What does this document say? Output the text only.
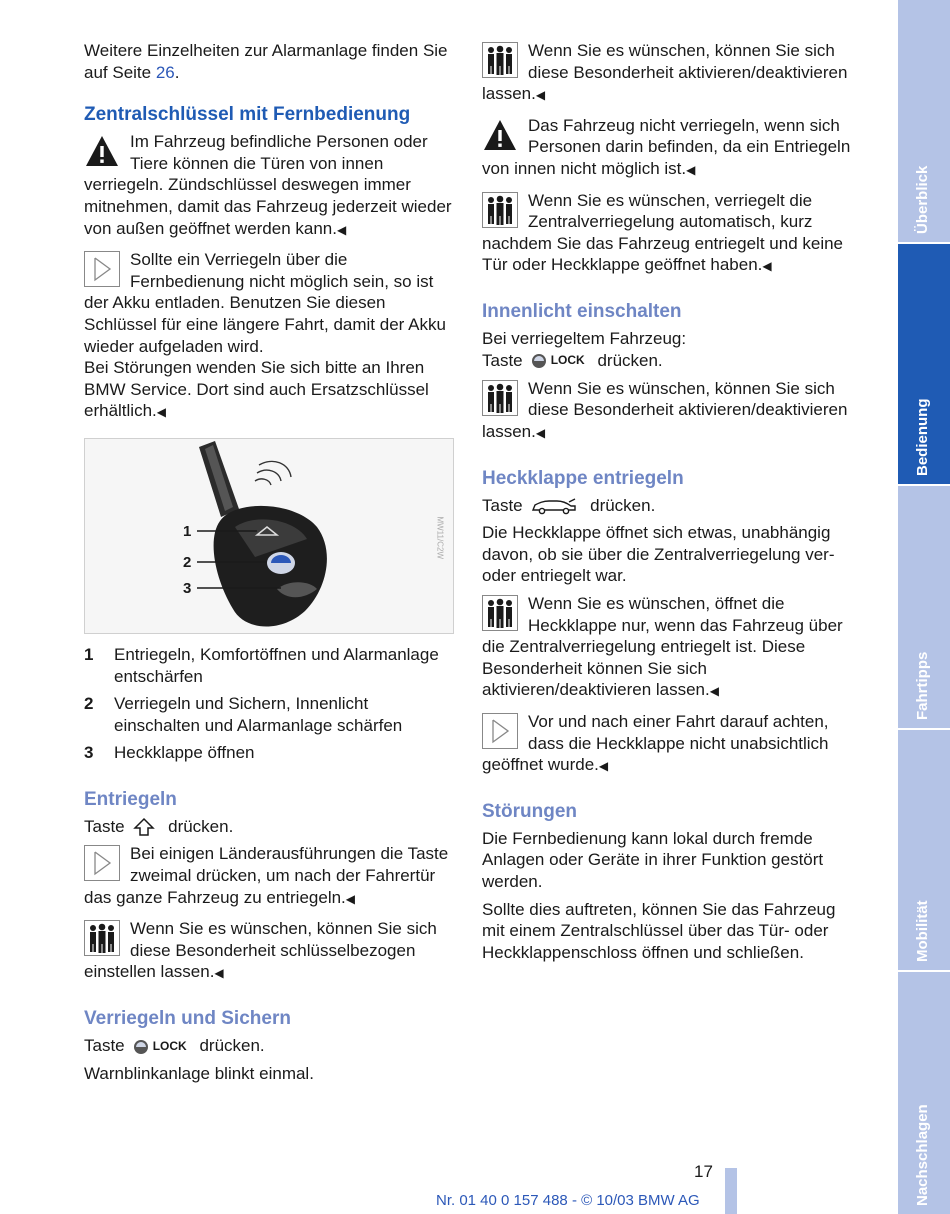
Weitere Einzelheiten zur Alarmanlage finden Sie auf Seite 26.

Zentralschlüssel mit Fernbedienung
Im Fahrzeug befindliche Personen oder Tiere können die Türen von innen verriegeln. Zündschlüssel deswegen immer mitnehmen, damit das Fahrzeug jederzeit wieder von außen geöffnet werden kann.◀
Sollte ein Verriegeln über die Fernbedienung nicht möglich sein, so ist der Akku entladen. Benutzen Sie diesen Schlüssel für eine längere Fahrt, damit der Akku wieder aufgeladen wird.
Bei Störungen wenden Sie sich bitte an Ihren BMW Service. Dort sind auch Ersatzschlüssel erhältlich.◀
1
2
3
MW11/C2W
1	Entriegeln, Komfortöffnen und Alarmanlage entschärfen
2	Verriegeln und Sichern, Innenlicht einschalten und Alarmanlage schärfen
3	Heckklappe öffnen
Entriegeln

Taste	drücken.

Bei einigen Länderausführungen die Taste zweimal drücken, um nach der Fahrertür das ganze Fahrzeug zu entriegeln.◀
Wenn Sie es wünschen, können Sie sich diese Besonderheit schlüsselbezogen einstellen lassen.◀
Verriegeln und Sichern

Taste LOCK drücken.

Warnblinkanlage blinkt einmal.

Wenn Sie es wünschen, können Sie sich diese Besonderheit aktivieren/deaktivieren lassen.◀
Das Fahrzeug nicht verriegeln, wenn sich Personen darin befinden, da ein Entriegeln von innen nicht möglich ist.◀
Wenn Sie es wünschen, verriegelt die Zentralverriegelung automatisch, kurz nachdem Sie das Fahrzeug entriegelt und keine Tür oder Heckklappe geöffnet haben.◀
Innenlicht einschalten

Bei verriegeltem Fahrzeug:

Taste LOCK drücken.

Wenn Sie es wünschen, können Sie sich diese Besonderheit aktivieren/deaktivieren lassen.◀
Heckklappe entriegeln

Taste	drücken.

Die Heckklappe öffnet sich etwas, unabhängig davon, ob sie über die Zentralverriegelung ver- oder entriegelt war.

Wenn Sie es wünschen, öffnet die Heckklappe nur, wenn das Fahrzeug über die Zentralverriegelung entriegelt ist. Diese Besonderheit können Sie sich aktivieren/deaktivieren lassen.◀
Vor und nach einer Fahrt darauf achten, dass die Heckklappe nicht unabsichtlich geöffnet wurde.◀
Störungen

Die Fernbedienung kann lokal durch fremde Anlagen oder Geräte in ihrer Funktion gestört werden.

Sollte dies auftreten, können Sie das Fahrzeug mit einem Zentralschlüssel über das Tür- oder Heckklappenschloss öffnen und schließen.

Überblick
Bedienung
Fahrtipps
Mobilität
Nachschlagen
17
Nr. 01 40 0 157 488 - © 10/03 BMW AG
